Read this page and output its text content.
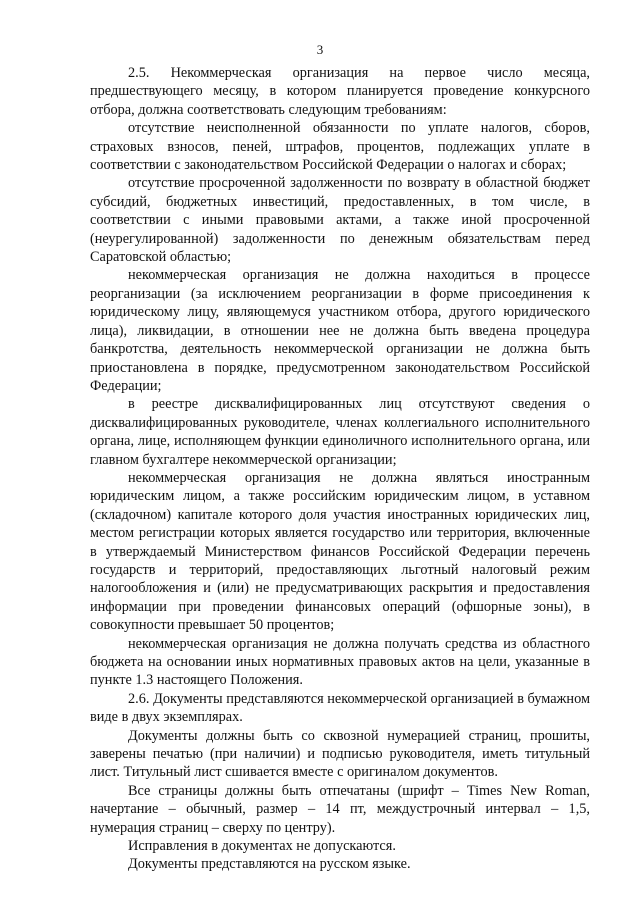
3

2.5. Некоммерческая организация на первое число месяца, предшествующего месяцу, в котором планируется проведение конкурсного отбора, должна соответствовать следующим требованиям:

отсутствие неисполненной обязанности по уплате налогов, сборов, страховых взносов, пеней, штрафов, процентов, подлежащих уплате в соответствии с законодательством Российской Федерации о налогах и сборах;

отсутствие просроченной задолженности по возврату в областной бюджет субсидий, бюджетных инвестиций, предоставленных, в том числе, в соответствии с иными правовыми актами, а также иной просроченной (неурегулированной) задолженности по денежным обязательствам перед Саратовской областью;

некоммерческая организация не должна находиться в процессе реорганизации (за исключением реорганизации в форме присоединения к юридическому лицу, являющемуся участником отбора, другого юридического лица), ликвидации, в отношении нее не должна быть введена процедура банкротства, деятельность некоммерческой организации не должна быть приостановлена в порядке, предусмотренном законодательством Российской Федерации;

в реестре дисквалифицированных лиц отсутствуют сведения о дисквалифицированных руководителе, членах коллегиального исполнительного органа, лице, исполняющем функции единоличного исполнительного органа, или главном бухгалтере некоммерческой организации;

некоммерческая организация не должна являться иностранным юридическим лицом, а также российским юридическим лицом, в уставном (складочном) капитале которого доля участия иностранных юридических лиц, местом регистрации которых является государство или территория, включенные в утверждаемый Министерством финансов Российской Федерации перечень государств и территорий, предоставляющих льготный налоговый режим налогообложения и (или) не предусматривающих раскрытия и предоставления информации при проведении финансовых операций (офшорные зоны), в совокупности превышает 50 процентов;

некоммерческая организация не должна получать средства из областного бюджета на основании иных нормативных правовых актов на цели, указанные в пункте 1.3 настоящего Положения.

2.6. Документы представляются некоммерческой организацией в бумажном виде в двух экземплярах.

Документы должны быть со сквозной нумерацией страниц, прошиты, заверены печатью (при наличии) и подписью руководителя, иметь титульный лист. Титульный лист сшивается вместе с оригиналом документов.

Все страницы должны быть отпечатаны (шрифт – Times New Roman, начертание – обычный, размер – 14 пт, междустрочный интервал – 1,5, нумерация страниц – сверху по центру).

Исправления в документах не допускаются.

Документы представляются на русском языке.
